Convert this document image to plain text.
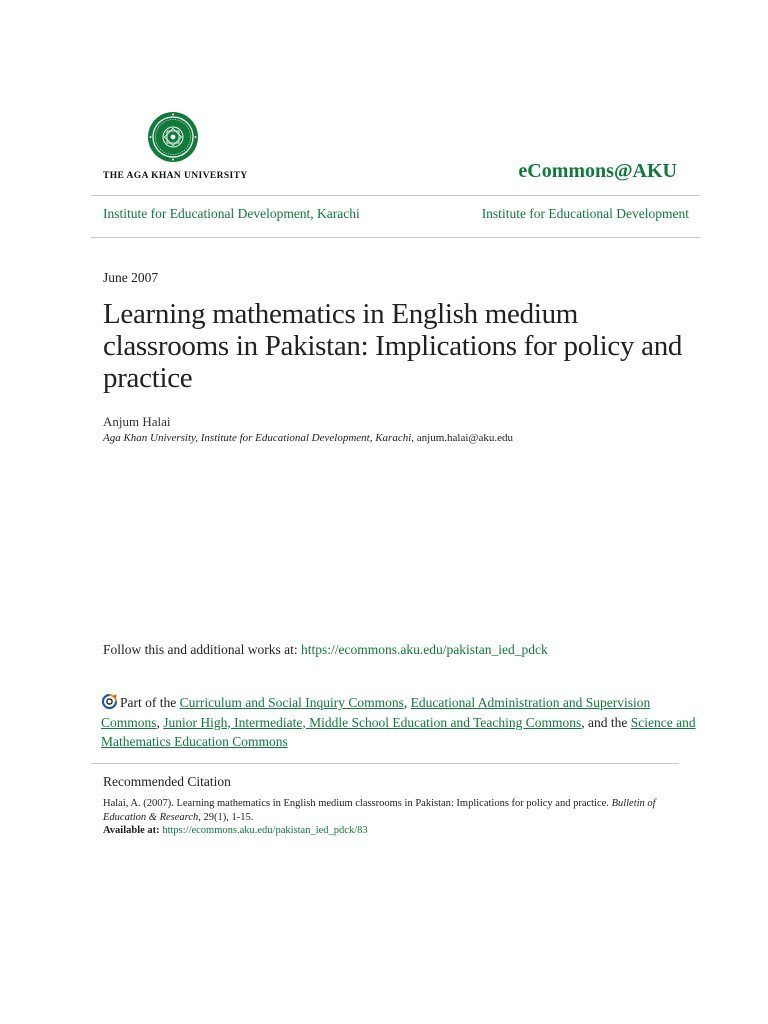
THE AGA KHAN UNIVERSITY	eCommons@AKU
Institute for Educational Development, Karachi	Institute for Educational Development
June 2007
Learning mathematics in English medium classrooms in Pakistan: Implications for policy and practice
Anjum Halai
Aga Khan University, Institute for Educational Development, Karachi, anjum.halai@aku.edu
Follow this and additional works at: https://ecommons.aku.edu/pakistan_ied_pdck
Part of the Curriculum and Social Inquiry Commons, Educational Administration and Supervision Commons, Junior High, Intermediate, Middle School Education and Teaching Commons, and the Science and Mathematics Education Commons
Recommended Citation
Halai, A. (2007). Learning mathematics in English medium classrooms in Pakistan: Implications for policy and practice. Bulletin of Education & Research, 29(1), 1-15.
Available at: https://ecommons.aku.edu/pakistan_ied_pdck/83
